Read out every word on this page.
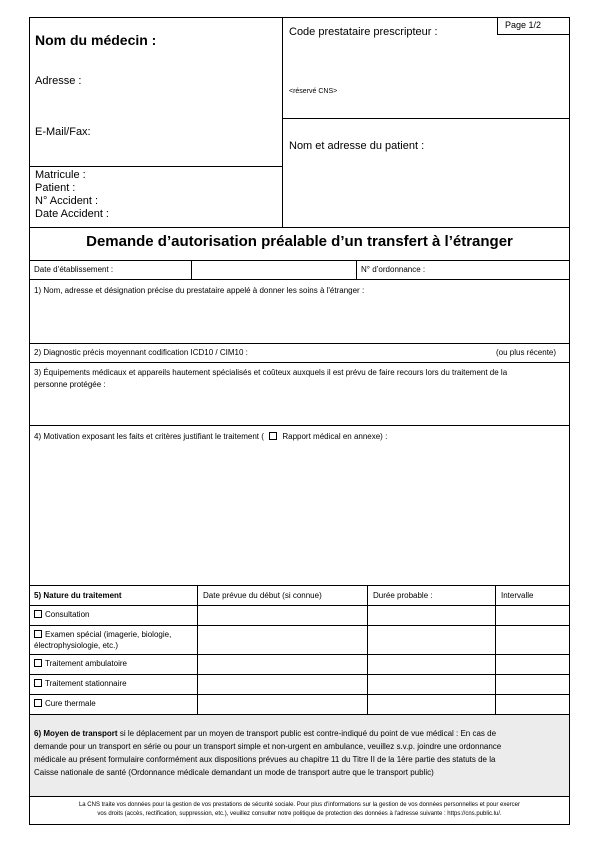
Page 1/2
Nom du médecin :
Adresse :
E-Mail/Fax:
Matricule :
Patient :
N° Accident :
Date Accident :
Code prestataire prescripteur :
<réservé CNS>
Nom et adresse du patient :
Demande d’autorisation préalable d’un transfert à l’étranger
Date d’établissement :	N° d’ordonnance :
1) Nom, adresse et désignation précise du prestataire appelé à donner les soins à l'étranger :
2) Diagnostic précis moyennant codification ICD10 / CIM10 :	(ou plus récente)
3) Équipements médicaux et appareils hautement spécialisés et coûteux auxquels il est prévu de faire recours lors du traitement de la
personne protégée :
4) Motivation exposant les faits et critères justifiant le traitement ( Rapport médical en annexe) :
5) Nature du traitement	Date prévue du début (si connue)	Durée probable :	Intervalle
Consultation
Examen spécial (imagerie, biologie,
électrophysiologie, etc.)
Traitement ambulatoire
Traitement stationnaire
Cure thermale
6) Moyen de transport si le déplacement par un moyen de transport public est contre-indiqué du point de vue médical : En cas de
demande pour un transport en série ou pour un transport simple et non-urgent en ambulance, veuillez s.v.p. joindre une ordonnance
médicale au présent formulaire conformément aux dispositions prévues au chapitre 11 du Titre II de la 1ère partie des statuts de la
Caisse nationale de santé (Ordonnance médicale demandant un mode de transport autre que le transport public)
La CNS traite vos données pour la gestion de vos prestations de sécurité sociale. Pour plus d'informations sur la gestion de vos données personnelles et pour exercer
vos droits (accès, rectification, suppression, etc.), veuillez consulter notre politique de protection des données à l'adresse suivante : https://cns.public.lu/.
